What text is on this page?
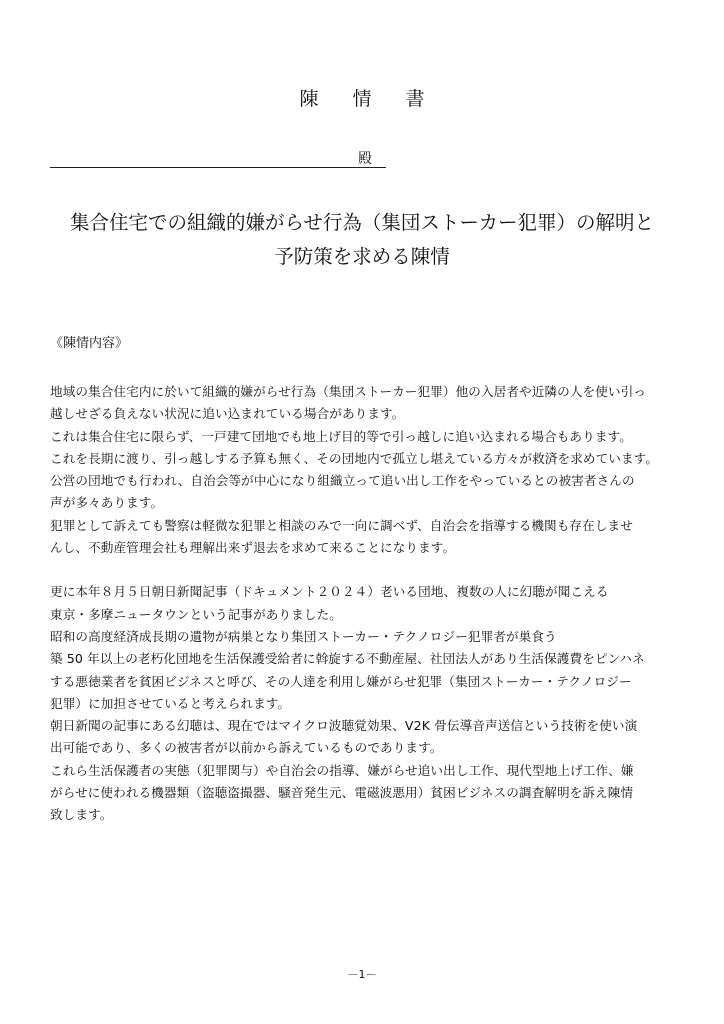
陳 情 書
殿
集合住宅での組織的嫌がらせ行為（集団ストーカー犯罪）の解明と
予防策を求める陳情
《陳情内容》

地域の集合住宅内に於いて組織的嫌がらせ行為（集団ストーカー犯罪）他の入居者や近隣の人を使い引っ

越しせざる負えない状況に追い込まれている場合があります。

これは集合住宅に限らず、一戸建て団地でも地上げ目的等で引っ越しに追い込まれる場合もあります。

これを長期に渡り、引っ越しする予算も無く、その団地内で孤立し堪えている方々が救済を求めています。

公営の団地でも行われ、自治会等が中心になり組織立って追い出し工作をやっているとの被害者さんの

声が多々あります。

犯罪として訴えても警察は軽微な犯罪と相談のみで一向に調べず、自治会を指導する機関も存在しませ

んし、不動産管理会社も理解出来ず退去を求めて来ることになります。

更に本年８月５日朝日新聞記事（ドキュメント２０２４）老いる団地、複数の人に幻聴が聞こえる

東京・多摩ニュータウンという記事がありました。

昭和の高度経済成長期の遺物が病巣となり集団ストーカー・テクノロジー犯罪者が巣食う

築 50 年以上の老朽化団地を生活保護受給者に斡旋する不動産屋、社団法人があり生活保護費をピンハネ

する悪徳業者を貧困ビジネスと呼び、その人達を利用し嫌がらせ犯罪（集団ストーカー・テクノロジー

犯罪）に加担させていると考えられます。

朝日新聞の記事にある幻聴は、現在ではマイクロ波聴覚効果、V2K 骨伝導音声送信という技術を使い演

出可能であり、多くの被害者が以前から訴えているものであります。

これら生活保護者の実態（犯罪関与）や自治会の指導、嫌がらせ追い出し工作、現代型地上げ工作、嫌

がらせに使われる機器類（盗聴盗撮器、騒音発生元、電磁波悪用）貧困ビジネスの調査解明を訴え陳情

致します。

－1－
